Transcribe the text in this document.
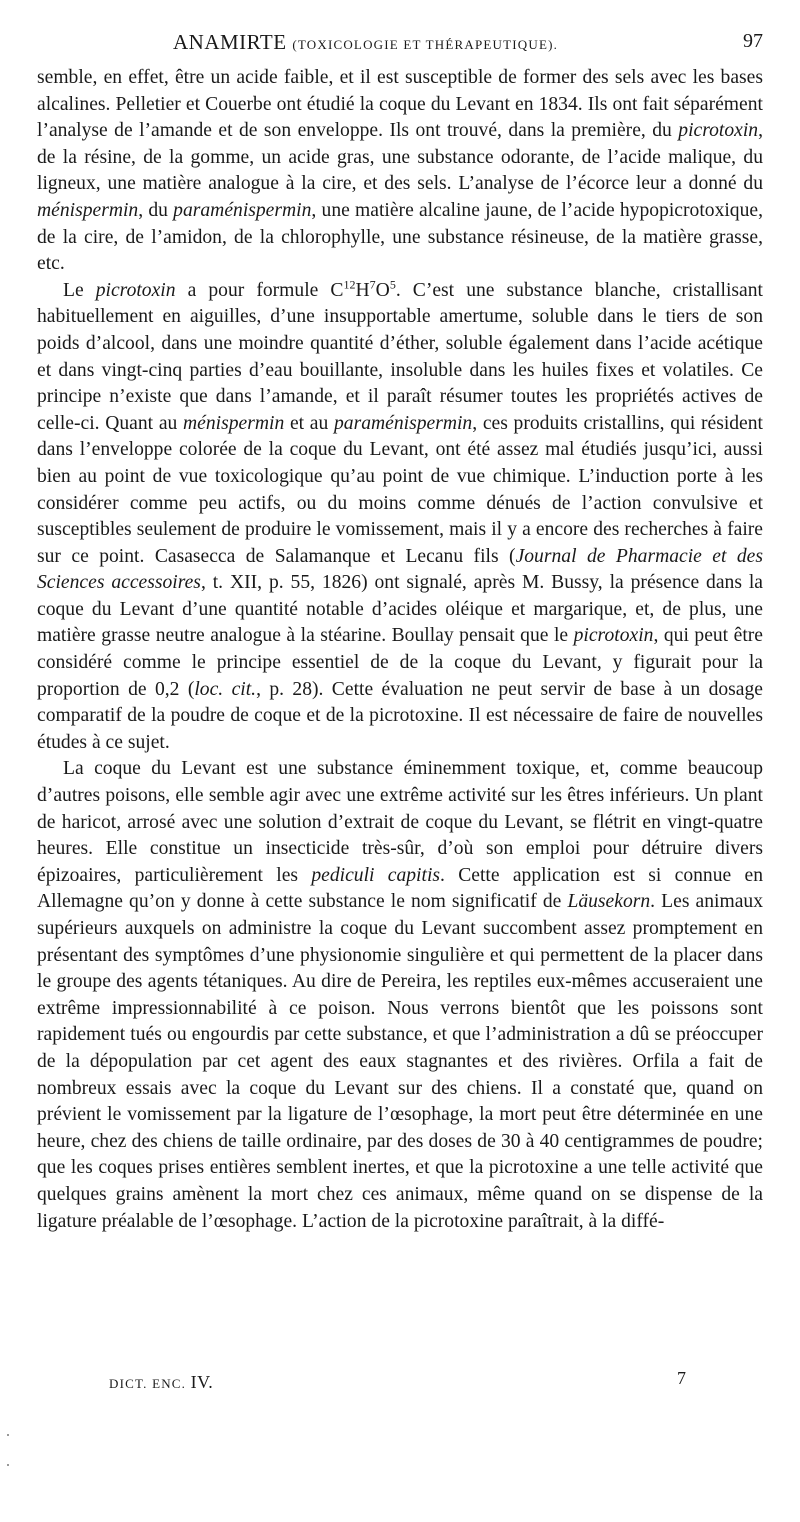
ANAMIRTE (TOXICOLOGIE ET THÉRAPEUTIQUE).	97

semble, en effet, être un acide faible, et il est susceptible de former des sels avec les bases alcalines. Pelletier et Couerbe ont étudié la coque du Levant en 1834. Ils ont fait séparément l’analyse de l’amande et de son enveloppe. Ils ont trouvé, dans la première, du picrotoxin, de la résine, de la gomme, un acide gras, une substance odorante, de l’acide malique, du ligneux, une matière analogue à la cire, et des sels. L’analyse de l’écorce leur a donné du ménispermin, du paraménispermin, une matière alcaline jaune, de l’acide hypopicrotoxique, de la cire, de l’amidon, de la chlorophylle, une substance résineuse, de la matière grasse, etc.

Le picrotoxin a pour formule $C^{12}H^7O^5$. C’est une substance blanche, cristallisant habituellement en aiguilles, d’une insupportable amertume, soluble dans le tiers de son poids d’alcool, dans une moindre quantité d’éther, soluble également dans l’acide acétique et dans vingt-cinq parties d’eau bouillante, insoluble dans les huiles fixes et volatiles. Ce principe n’existe que dans l’amande, et il paraît résumer toutes les propriétés actives de celle-ci. Quant au ménispermin et au paraménispermin, ces produits cristallins, qui résident dans l’enveloppe colorée de la coque du Levant, ont été assez mal étudiés jusqu’ici, aussi bien au point de vue toxicologique qu’au point de vue chimique. L’induction porte à les considérer comme peu actifs, ou du moins comme dénués de l’action convulsive et susceptibles seulement de produire le vomissement, mais il y a encore des recherches à faire sur ce point. Casasecca de Salamanque et Lecanu fils (Journal de Pharmacie et des Sciences accessoires, t. XII, p. 55, 1826) ont signalé, après M. Bussy, la présence dans la coque du Levant d’une quantité notable d’acides oléique et margarique, et, de plus, une matière grasse neutre analogue à la stéarine. Boullay pensait que le picrotoxin, qui peut être considéré comme le principe essentiel de de la coque du Levant, y figurait pour la proportion de 0,2 (loc. cit., p. 28). Cette évaluation ne peut servir de base à un dosage comparatif de la poudre de coque et de la picrotoxine. Il est nécessaire de faire de nouvelles études à ce sujet.

La coque du Levant est une substance éminemment toxique, et, comme beaucoup d’autres poisons, elle semble agir avec une extrême activité sur les êtres inférieurs. Un plant de haricot, arrosé avec une solution d’extrait de coque du Levant, se flétrit en vingt-quatre heures. Elle constitue un insecticide très-sûr, d’où son emploi pour détruire divers épizoaires, particulièrement les pediculi capitis. Cette application est si connue en Allemagne qu’on y donne à cette substance le nom significatif de Läusekorn. Les animaux supérieurs auxquels on administre la coque du Levant succombent assez promptement en présentant des symptômes d’une physionomie singulière et qui permettent de la placer dans le groupe des agents tétaniques. Au dire de Pereira, les reptiles eux-mêmes accuseraient une extrême impressionnabilité à ce poison. Nous verrons bientôt que les poissons sont rapidement tués ou engourdis par cette substance, et que l’administration a dû se préoccuper de la dépopulation par cet agent des eaux stagnantes et des rivières. Orfila a fait de nombreux essais avec la coque du Levant sur des chiens. Il a constaté que, quand on prévient le vomissement par la ligature de l’œsophage, la mort peut être déterminée en une heure, chez des chiens de taille ordinaire, par des doses de 30 à 40 centigrammes de poudre; que les coques prises entières semblent inertes, et que la picrotoxine a une telle activité que quelques grains amènent la mort chez ces animaux, même quand on se dispense de la ligature préalable de l’œsophage. L’action de la picrotoxine paraîtrait, à la diffé-

DICT. ENC. IV.	7
